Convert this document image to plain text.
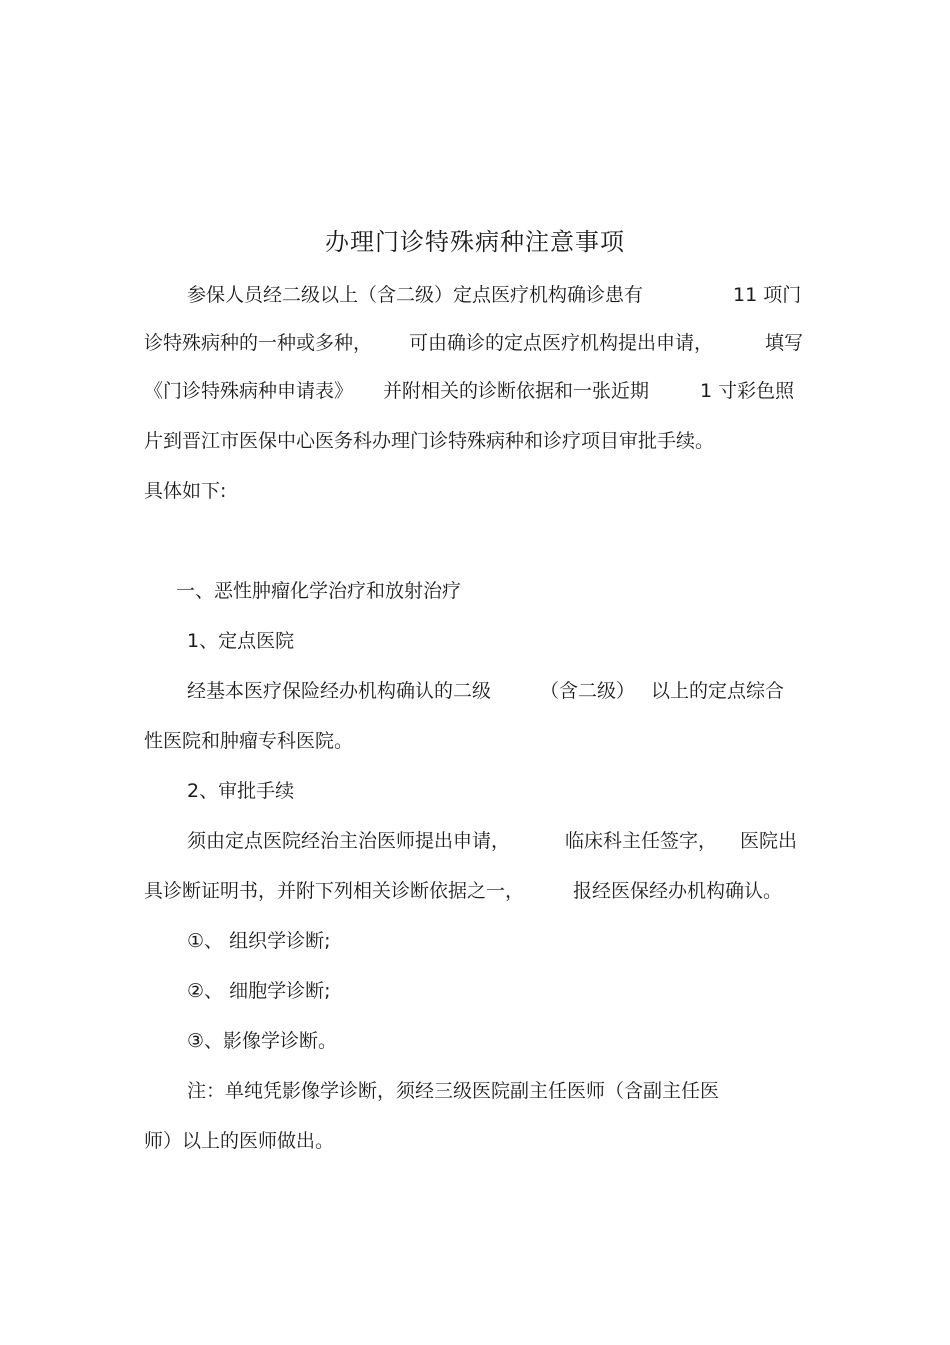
办理门诊特殊病种注意事项
参保人员经二级以上（含二级）定点医疗机构确诊患有	11 项门
诊特殊病种的一种或多种， 可由确诊的定点医疗机构提出申请，	填写
《门诊特殊病种申请表》 并附相关的诊断依据和一张近期	1 寸彩色照
片到晋江市医保中心医务科办理门诊特殊病种和诊疗项目审批手续。
具体如下:
一、恶性肿瘤化学治疗和放射治疗
1、定点医院
经基本医疗保险经办机构确认的二级	（含二级） 以上的定点综合
性医院和肿瘤专科医院。
2、审批手续
须由定点医院经治主治医师提出申请，	临床科主任签字， 医院出
具诊断证明书，并附下列相关诊断依据之一，	报经医保经办机构确认。
①、 组织学诊断;
②、 细胞学诊断;
③、影像学诊断。
注：单纯凭影像学诊断，须经三级医院副主任医师（含副主任医
师）以上的医师做出。
